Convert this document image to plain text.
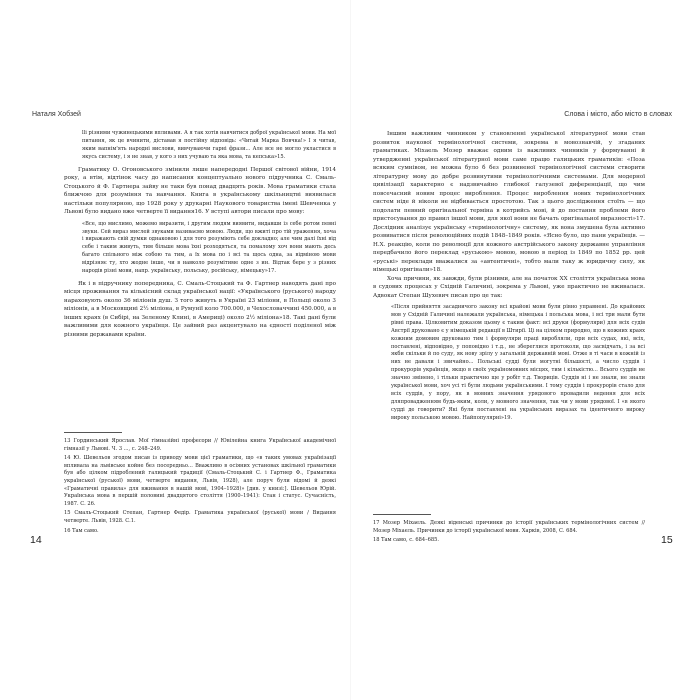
Наталя Хобзей	Слова і місто, або місто в словах
lli різними чужинецькими впливами. А я так хотів навчитися доброї української мови. На мої питання, як це вчинити, діставав я постійну відповідь: «Читай Марка Вовчка!» І я читав, яким вапнім'ять народні вислови, вивчуваючи гарні фрази... Але все не могло укластися в якусь систему, і я не знав, у кого з них учуваю та яка мова, та кепська»15.

Граматику О. Огоновського змінили лише напередодні Першої світової війни, 1914 року, а втім, відтінок часу до написання концептуально нового підручника С. Смаль-Стоцького й Ф. Гартнера зайву не таки був понад двадцять років. Мова граматики стала ближчою для розуміння та навчання. Книга в українському шкільництві виявилася настільки популярною, що 1928 року у друкарні Наукового товариства імені Шевченка у Львові було видано вже четверте її видання16. У вступі автори писали про мову:

«Все, що мислимо, можемо виразити, і другим людям виявити, видавши із себе ротом певні звуки. Сей вираз мислей звуками називаємо мовою. Люди, що вжиті про тій ураження, хоча і виражають свій думки однаковою і для того розуміють себе докладно; але чим далі їхні від себе і таким живуть, тим більше мова їхні розходяться, та помалому хоч вони мають десь багато спільного між собою та тим, а їх мова по і всі та щось одна, за відміною мови відрізняє ту, хто жодне інше, чи в навколо розумітиме одне з ин. Відтак бере у з різних народів різні мови, напр. українську, польську, російську, німецьку»17.

Як і в підручнику попередника, С. Смаль-Стоцький та Ф. Гартнер наводять дані про місця проживання та кількісний склад української нації: «Українського (руського) народу нараховують около 36 міліонів душ. З того живуть в Україні 23 міліони, в Польщі около 3 міліонів, а в Московщині 2½ міліона, в Румунії коло 700.000, в Чехословаччині 450.000, а в інших краях (в Сибірі, на Зеленому Клині, в Америці) около 2½ міліона»18. Такі дані були важливими для кожного українця. Це зайвий раз акцентувало на єдності поділеної між різними державами країни.

13 Гординський Ярослав. Мої гімназійні професори // Ювілейна книга Української академічної гімназії у Львові. Ч. 3 ..., с. 248–249.
14 Ю. Шевельов згодом писав із приводу мови цієї граматики, що «в таких умовах українізації впливала на львівське койне без посередньо... Вважливо в осіяних установах шкільної граматики був або цілком підроблений галицький традиції (Смаль-Стоцький С. і Гартнер Ф., Граматика української (руської) мови, четверте видання, Львів, 1928), але поруч були відомі й деякі «Граматичні правила» для вживання в нашій мові, 1904–1928)» [див. у книзі:]. Шевельов Юрій. Українська мова в першій половині двадцятого століття (1900–1941): Стан і статус. Сучасність, 1987. С. 26.
15 Смаль-Стоцький Степан, Гартнер Федір. Граматика української (руської) мови / Видання четверте. Львів, 1928. С.1.
16 Там само.
14

Іншим важливим чинником у становленні української літературної мови став розвиток наукової термінологічної системи, зокрема в мовознавчій, у згаданих граматиках. Міхаель Мозер вважає одним із важливих чинників у формуванні й утвердженні української літературної мови саме працю галицьких граматиків: «Поза всяким сумнівом, не можна було б без розвиненої термінологічної системи створити літературну мову до добре розвинутими термінологічними системами. Для модерної цивілізації характерно є надзвичайно глибокої галузевої диференціації, що чим повсечасний новим процес вироблення. Процес вироблення нових термінологічних систем ніде й ніколи не відбивається простотою. Так з цього дослідження стоїть — що подолати певний оригінальної терміна в котрийсь мові, й до постання проблеми його пристосування до правил іншої мови, для якої вони не бачать оригінальної виразності»17. Дослідник аналізує українську «термінологічну» систему, як вона змушена була активно розвиватися після революційних подій 1848–1849 років. «Ясно було, що пани українців. — Н.Х. реакцію, коли по революції для кожного австрійського закону державне управління передбачило його переклад «руською» мовою, мовою в період із 1849 по 1852 рр. цей «руські» переклади вважалися за «автентичні», тобто мали таку ж юридичну силу, як німецькі оригінали»18.

Хоча причини, як завжди, були різними, але на початок ХХ століття українська мова в судових процесах у Східній Галичині, зокрема у Львові, уже практично не вживалася. Адвокат Степан Шухевич писав про це так:

«Після прийняття засадничого закону всі крайові мови були рівно управнені. До крайових мов у Східній Галичині належали українська, німецька і польська мова, і всі три мали бути рівні права. Цілковитим доказом цьому є таким факт: всі друки (формуляри) для всіх судів Австрії друковано є у німецькій редакції в Штирії. Ці на цілком природно, що в кожних краях кожним домовим друковано тим і формуляри праці виробляли, при всіх судах, які, всіх, поставлені, відповідно, у поповідно і т.д., не збереглися протоколи, що засвідчать, і за всі якби скільки й по суду, як нову зрілу у загальній державній мові. Отже в ті часи в кожній із них не давали і звичайно... Польські судді були могутні більшості, а число суддів і прокурорів українців, якщо в своїх україномовних місцях, тим і кількістю... Всього суддів не значно змінено, і тільки практично ще у робіт т.д. Твориців. Суддів ні і не знали, не знали української мови, хоч усі ті були людьми українськими. І тому суддів і прокурорів стало для всіх суддів, у пору, як в мовних значення урядового провадили ведення для всіх дляпровадженням будь-яким, коли, у мовного значення, так чи у мови урядової. І «в якого судді де говорити? Які були поставлені на українських виразах та ідентичного вироку вироку польською мовою. Найпопулярні»19.
17 Мозер Міхаель. Деякі віденські причинки до історії українських термінологічних систем // Мозер Міхаель. Причинки до історії української мови. Харків, 2008, С. 684.
18 Там само, с. 684–685.	15
